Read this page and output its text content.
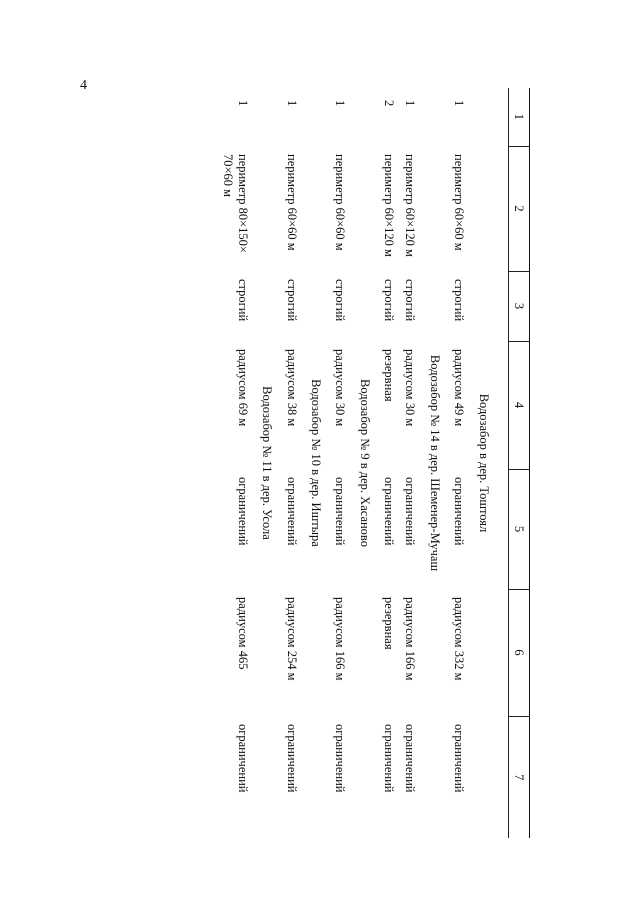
4
1	2	3	4	5	6	7

Водозабор в дер. Тоштоял						
1	периметр 60×60 м	строгий	радиусом 49 м	ограничений	радиусом 332 м	ограничений
Водозабор № 14 в дер. Шеменер-Мучаш						
1	периметр 60×120 м	строгий	радиусом 30 м	ограничений	радиусом 166 м	ограничений
2	периметр 60×120 м	строгий	резервная	ограничений	резервная	ограничений
Водозабор № 9 в дер. Хасаново						
1	периметр 60×60 м	строгий	радиусом 30 м	ограничений	радиусом 166 м	ограничений
Водозабор № 10 в дер. Иштыра						
1	периметр 60×60 м	строгий	радиусом 38 м	ограничений	радиусом 254 м	ограничений
Водозабор № 11 в дер. Усола						
1	периметр 80×150× 70×60 м	строгий	радиусом 69 м	ограничений	радиусом 465	ограничений
